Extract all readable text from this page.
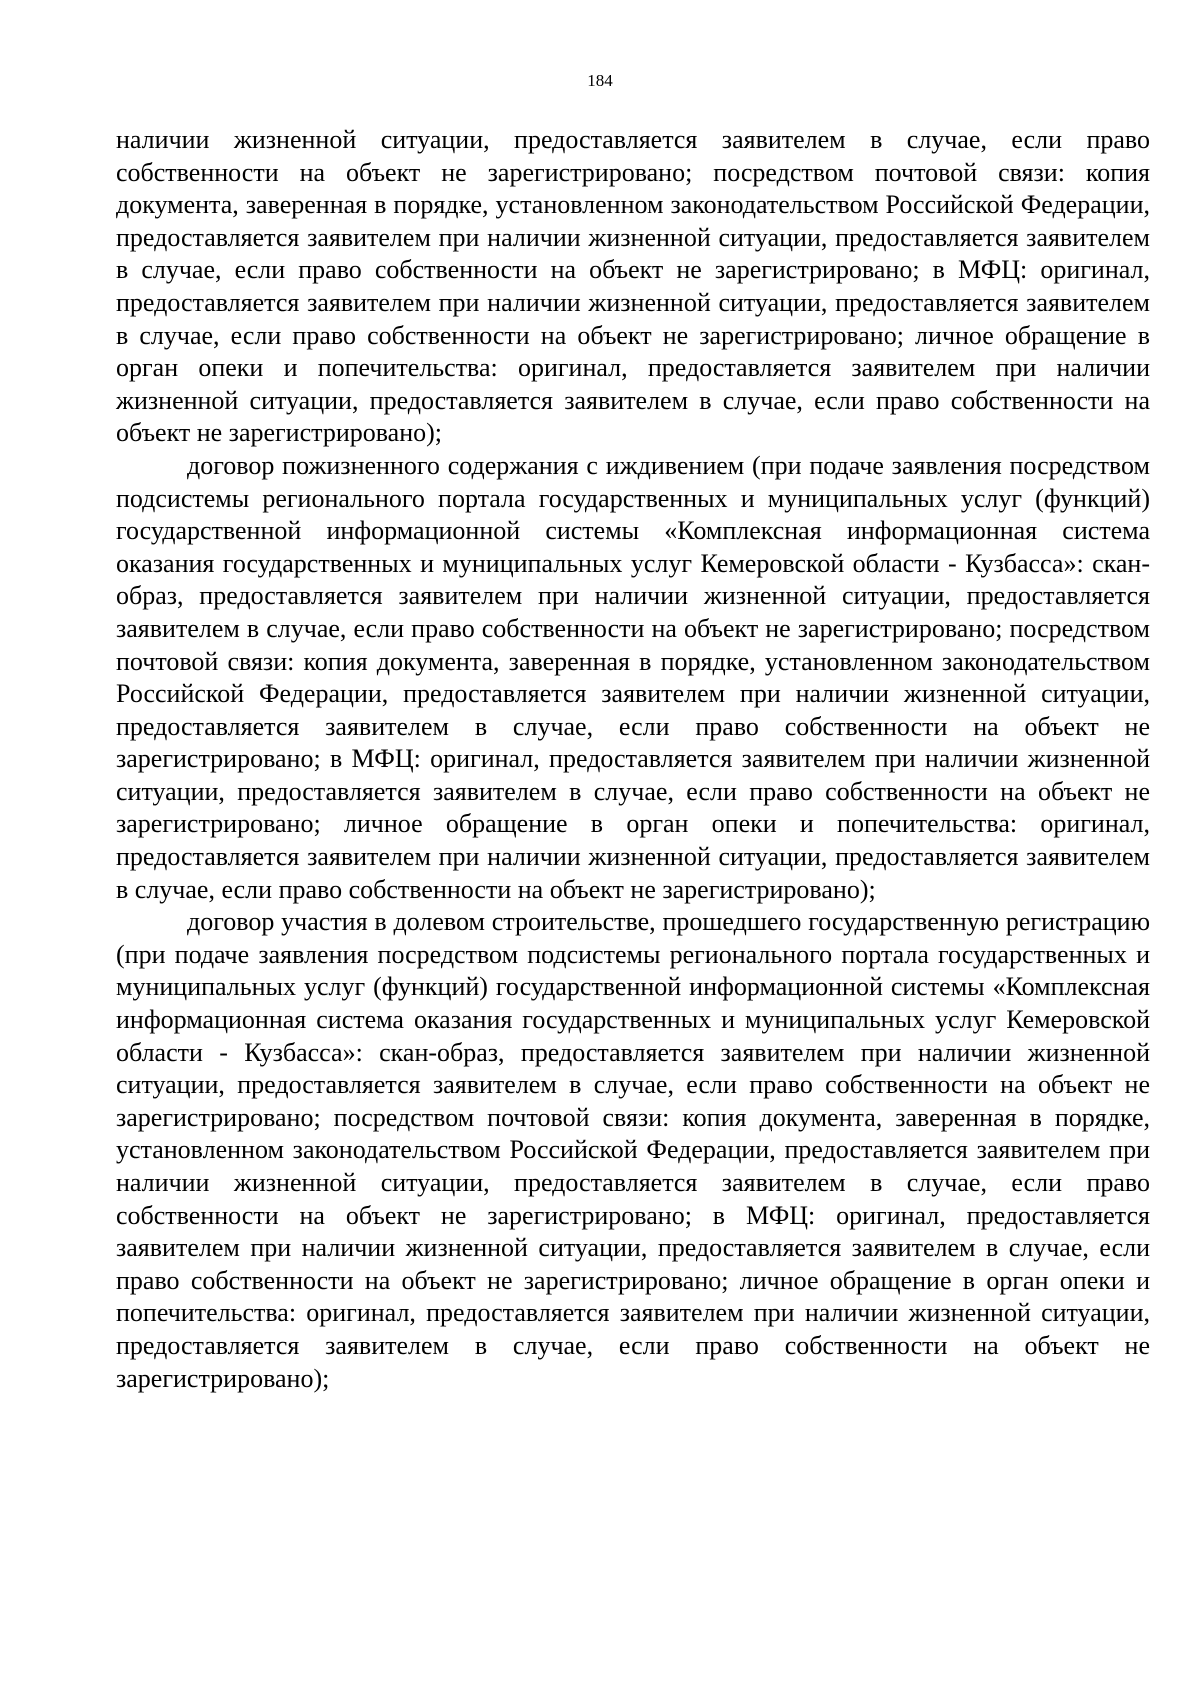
184

наличии жизненной ситуации, предоставляется заявителем в случае, если право собственности на объект не зарегистрировано; посредством почтовой связи: копия документа, заверенная в порядке, установленном законодательством Российской Федерации, предоставляется заявителем при наличии жизненной ситуации, предоставляется заявителем в случае, если право собственности на объект не зарегистрировано; в МФЦ: оригинал, предоставляется заявителем при наличии жизненной ситуации, предоставляется заявителем в случае, если право собственности на объект не зарегистрировано; личное обращение в орган опеки и попечительства: оригинал, предоставляется заявителем при наличии жизненной ситуации, предоставляется заявителем в случае, если право собственности на объект не зарегистрировано);

договор пожизненного содержания с иждивением (при подаче заявления посредством подсистемы регионального портала государственных и муниципальных услуг (функций) государственной информационной системы «Комплексная информационная система оказания государственных и муниципальных услуг Кемеровской области - Кузбасса»: скан-образ, предоставляется заявителем при наличии жизненной ситуации, предоставляется заявителем в случае, если право собственности на объект не зарегистрировано; посредством почтовой связи: копия документа, заверенная в порядке, установленном законодательством Российской Федерации, предоставляется заявителем при наличии жизненной ситуации, предоставляется заявителем в случае, если право собственности на объект не зарегистрировано; в МФЦ: оригинал, предоставляется заявителем при наличии жизненной ситуации, предоставляется заявителем в случае, если право собственности на объект не зарегистрировано; личное обращение в орган опеки и попечительства: оригинал, предоставляется заявителем при наличии жизненной ситуации, предоставляется заявителем в случае, если право собственности на объект не зарегистрировано);

договор участия в долевом строительстве, прошедшего государственную регистрацию (при подаче заявления посредством подсистемы регионального портала государственных и муниципальных услуг (функций) государственной информационной системы «Комплексная информационная система оказания государственных и муниципальных услуг Кемеровской области - Кузбасса»: скан-образ, предоставляется заявителем при наличии жизненной ситуации, предоставляется заявителем в случае, если право собственности на объект не зарегистрировано; посредством почтовой связи: копия документа, заверенная в порядке, установленном законодательством Российской Федерации, предоставляется заявителем при наличии жизненной ситуации, предоставляется заявителем в случае, если право собственности на объект не зарегистрировано; в МФЦ: оригинал, предоставляется заявителем при наличии жизненной ситуации, предоставляется заявителем в случае, если право собственности на объект не зарегистрировано; личное обращение в орган опеки и попечительства: оригинал, предоставляется заявителем при наличии жизненной ситуации, предоставляется заявителем в случае, если право собственности на объект не зарегистрировано);
